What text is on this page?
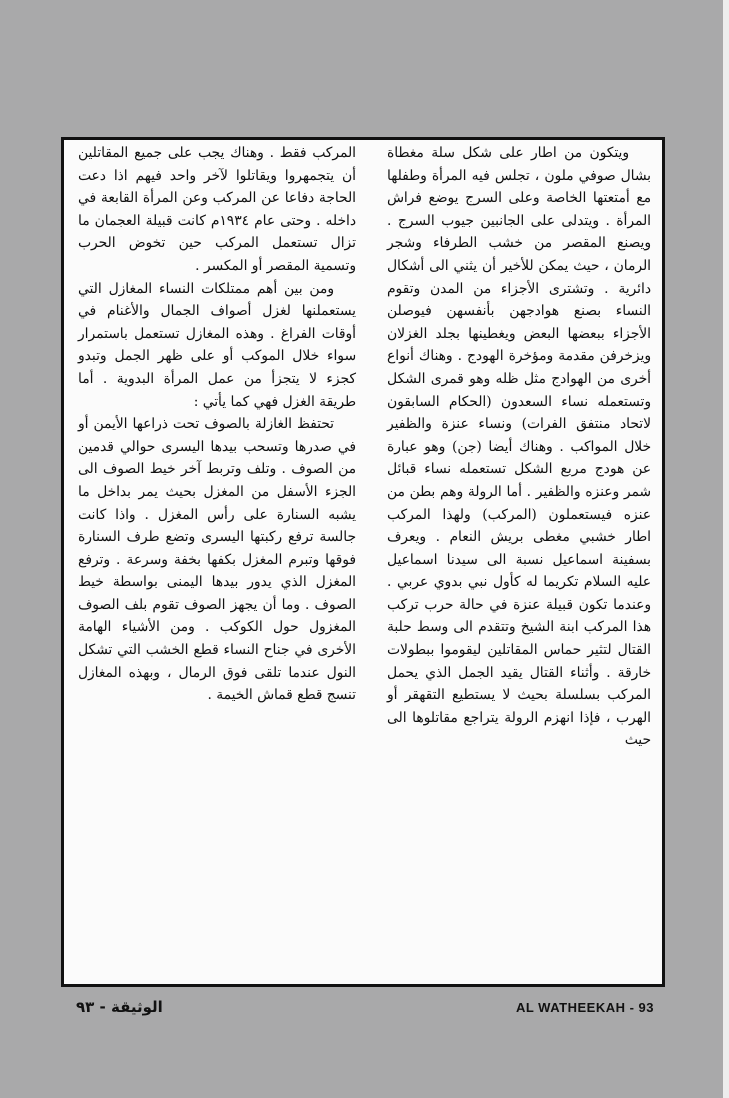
ويتكون من اطار على شكل سلة مغطاة بشال صوفي ملون ، تجلس فيه المرأة وطفلها مع أمتعتها الخاصة وعلى السرج يوضع فراش المرأة . ويتدلى على الجانبين جيوب السرج . ويصنع المقصر من خشب الطرفاء وشجر الرمان ، حيث يمكن للأخير أن يثني الى أشكال دائرية . وتشترى الأجزاء من المدن وتقوم النساء بصنع هوادجهن بأنفسهن فيوصلن الأجزاء ببعضها البعض ويغطينها بجلد الغزلان ويزخرفن مقدمة ومؤخرة الهودج . وهناك أنواع أخرى من الهوادج مثل ظله وهو قمرى الشكل وتستعمله نساء السعدون (الحكام السابقون لاتحاد منتفق الفرات) ونساء عنزة والظفير خلال المواكب . وهناك أيضا (جن) وهو عبارة عن هودج مربع الشكل تستعمله نساء قبائل شمر وعنزه والظفير . أما الرولة وهم بطن من عنزه فيستعملون (المركب) ولهذا المركب اطار خشبي مغطى بريش النعام . ويعرف بسفينة اسماعيل نسبة الى سيدنا اسماعيل عليه السلام تكريما له كأول نبي بدوي عربي . وعندما تكون قبيلة عنزة في حالة حرب تركب هذا المركب ابنة الشيخ وتتقدم الى وسط حلبة القتال لتثير حماس المقاتلين ليقوموا ببطولات خارقة . وأثناء القتال يقيد الجمل الذي يحمل المركب بسلسلة بحيث لا يستطيع التقهقر أو الهرب ، فإذا انهزم الرولة يتراجع مقاتلوها الى حيث

المركب فقط . وهناك يجب على جميع المقاتلين أن يتجمهروا ويقاتلوا لآخر واحد فيهم اذا دعت الحاجة دفاعا عن المركب وعن المرأة القابعة في داخله . وحتى عام ١٩٣٤م كانت قبيلة العجمان ما تزال تستعمل المركب حين تخوض الحرب وتسمية المقصر أو المكسر .

ومن بين أهم ممتلكات النساء المغازل التي يستعملنها لغزل أصواف الجمال والأغنام في أوقات الفراغ . وهذه المغازل تستعمل باستمرار سواء خلال الموكب أو على ظهر الجمل وتبدو كجزء لا يتجزأ من عمل المرأة البدوية . أما طريقة الغزل فهي كما يأتي :

تحتفظ الغازلة بالصوف تحت ذراعها الأيمن أو في صدرها وتسحب بيدها اليسرى حوالي قدمين من الصوف . وتلف وتربط آخر خيط الصوف الى الجزء الأسفل من المغزل بحيث يمر بداخل ما يشبه السنارة على رأس المغزل . واذا كانت جالسة ترفع ركبتها اليسرى وتضع طرف السنارة فوقها وتبرم المغزل بكفها بخفة وسرعة . وترفع المغزل الذي يدور بيدها اليمنى بواسطة خيط الصوف . وما أن يجهز الصوف تقوم بلف الصوف المغزول حول الكوكب . ومن الأشياء الهامة الأخرى في جناح النساء قطع الخشب التي تشكل النول عندما تلقى فوق الرمال ، وبهذه المغازل تنسج قطع قماش الخيمة .

الوثيقة - ٩٣	AL WATHEEKAH - 93
